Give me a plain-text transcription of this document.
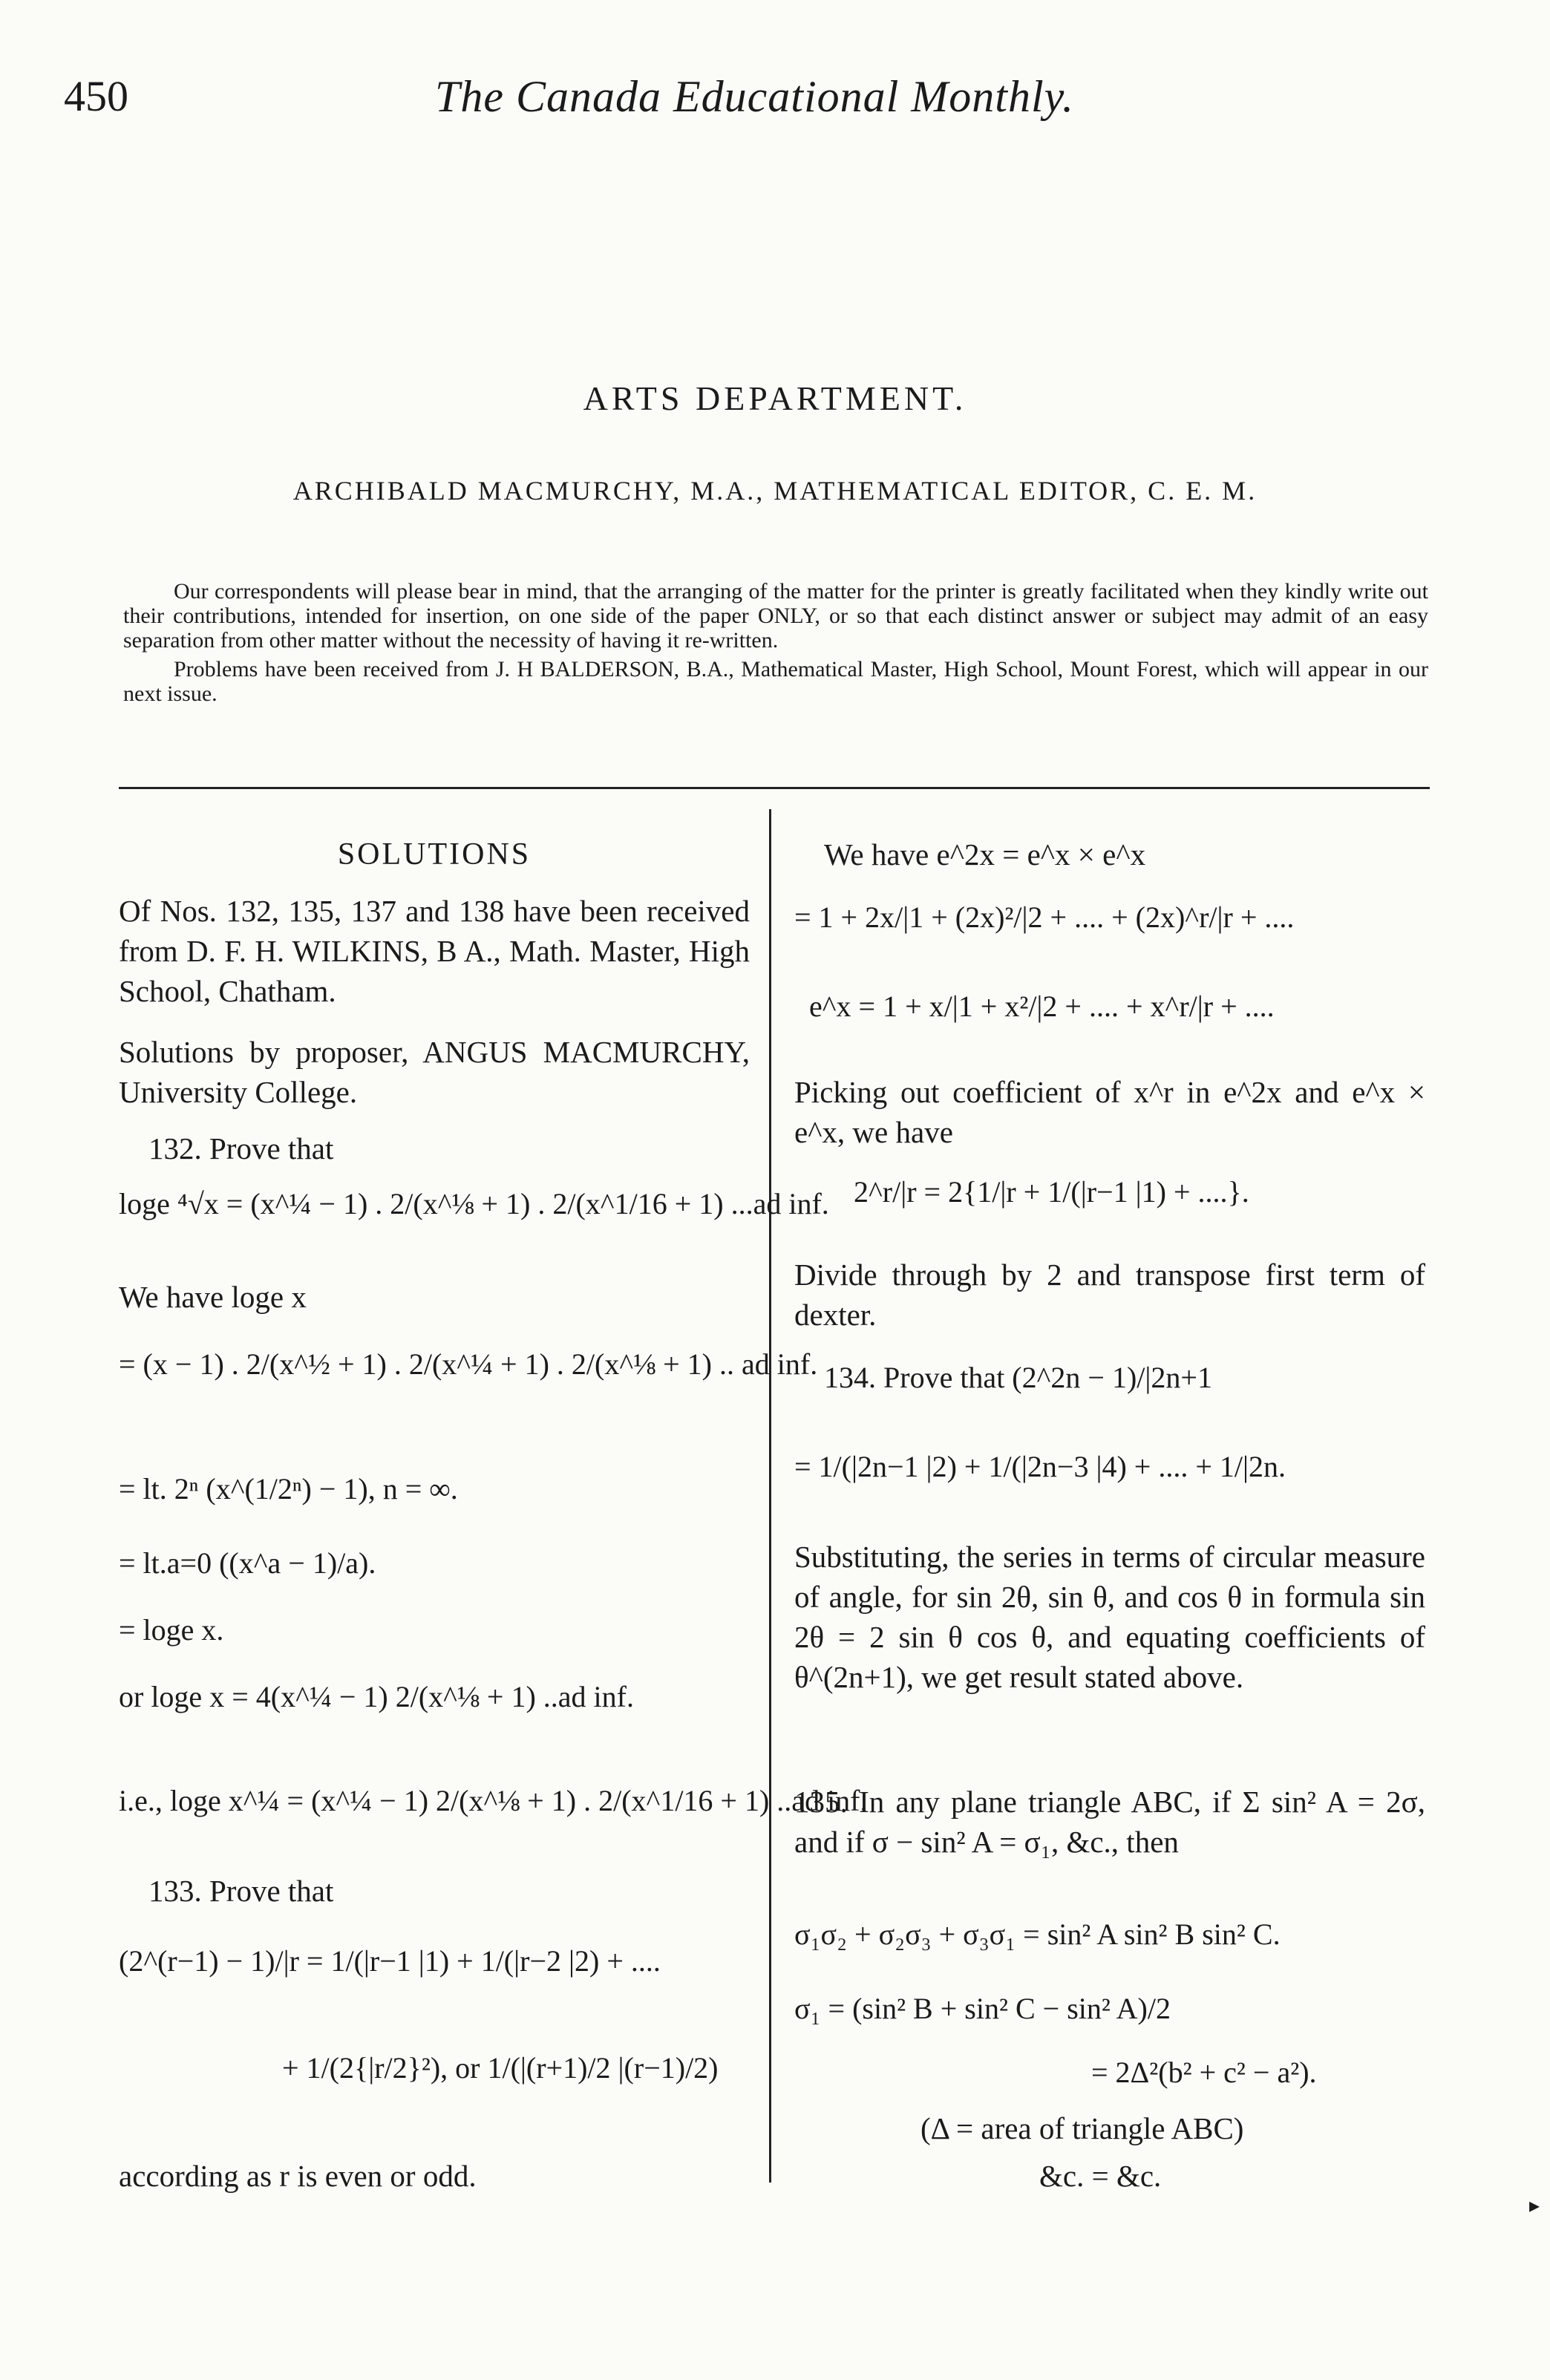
450	The Canada Educational Monthly.
ARTS DEPARTMENT.
ARCHIBALD MACMURCHY, M.A., MATHEMATICAL EDITOR, C. E. M.

Our correspondents will please bear in mind, that the arranging of the matter for the printer is greatly facilitated when they kindly write out their contributions, intended for insertion, on one side of the paper ONLY, or so that each distinct answer or subject may admit of an easy separation from other matter without the necessity of having it re-written.

Problems have been received from J. H BALDERSON, B.A., Mathematical Master, High School, Mount Forest, which will appear in our next issue.

SOLUTIONS
Of Nos. 132, 135, 137 and 138 have been received from D. F. H. WILKINS, B A., Math. Master, High School, Chatham.
Solutions by proposer, ANGUS MACMURCHY, University College.
132. Prove that
loge ⁴√x = (x^¼ − 1) . 2/(x^⅛ + 1) . 2/(x^1/16 + 1) ...ad inf.
We have loge x
= (x − 1) . 2/(x^½ + 1) . 2/(x^¼ + 1) . 2/(x^⅛ + 1) .. ad inf.
= lt. 2ⁿ (x^(1/2ⁿ) − 1), n = ∞.
= lt.a=0 ((x^a − 1)/a).
= loge x.
or loge x = 4(x^¼ − 1) 2/(x^⅛ + 1) ..ad inf.
i.e., loge x^¼ = (x^¼ − 1) 2/(x^⅛ + 1) . 2/(x^1/16 + 1) ..ad inf.
133. Prove that
(2^(r−1) − 1)/|r = 1/(|r−1 |1) + 1/(|r−2 |2) + ....
+ 1/(2{|r/2}²), or 1/(|(r+1)/2 |(r−1)/2)
according as r is even or odd.
We have e^2x = e^x × e^x
= 1 + 2x/|1 + (2x)²/|2 + .... + (2x)^r/|r + ....
e^x = 1 + x/|1 + x²/|2 + .... + x^r/|r + ....
Picking out coefficient of x^r in e^2x and e^x × e^x, we have
2^r/|r = 2{1/|r + 1/(|r−1 |1) + ....}.
Divide through by 2 and transpose first term of dexter.
134. Prove that (2^2n − 1)/|2n+1
= 1/(|2n−1 |2) + 1/(|2n−3 |4) + .... + 1/|2n.
Substituting, the series in terms of circular measure of angle, for sin 2θ, sin θ, and cos θ in formula sin 2θ = 2 sin θ cos θ, and equating coefficients of θ^(2n+1), we get result stated above.
135. In any plane triangle ABC, if Σ sin² A = 2σ, and if σ − sin² A = σ₁, &c., then
σ₁σ₂ + σ₂σ₃ + σ₃σ₁ = sin² A sin² B sin² C.
σ₁ = (sin² B + sin² C − sin² A)/2
= 2Δ²(b² + c² − a²).
(Δ = area of triangle ABC)
&c. = &c.
▸
